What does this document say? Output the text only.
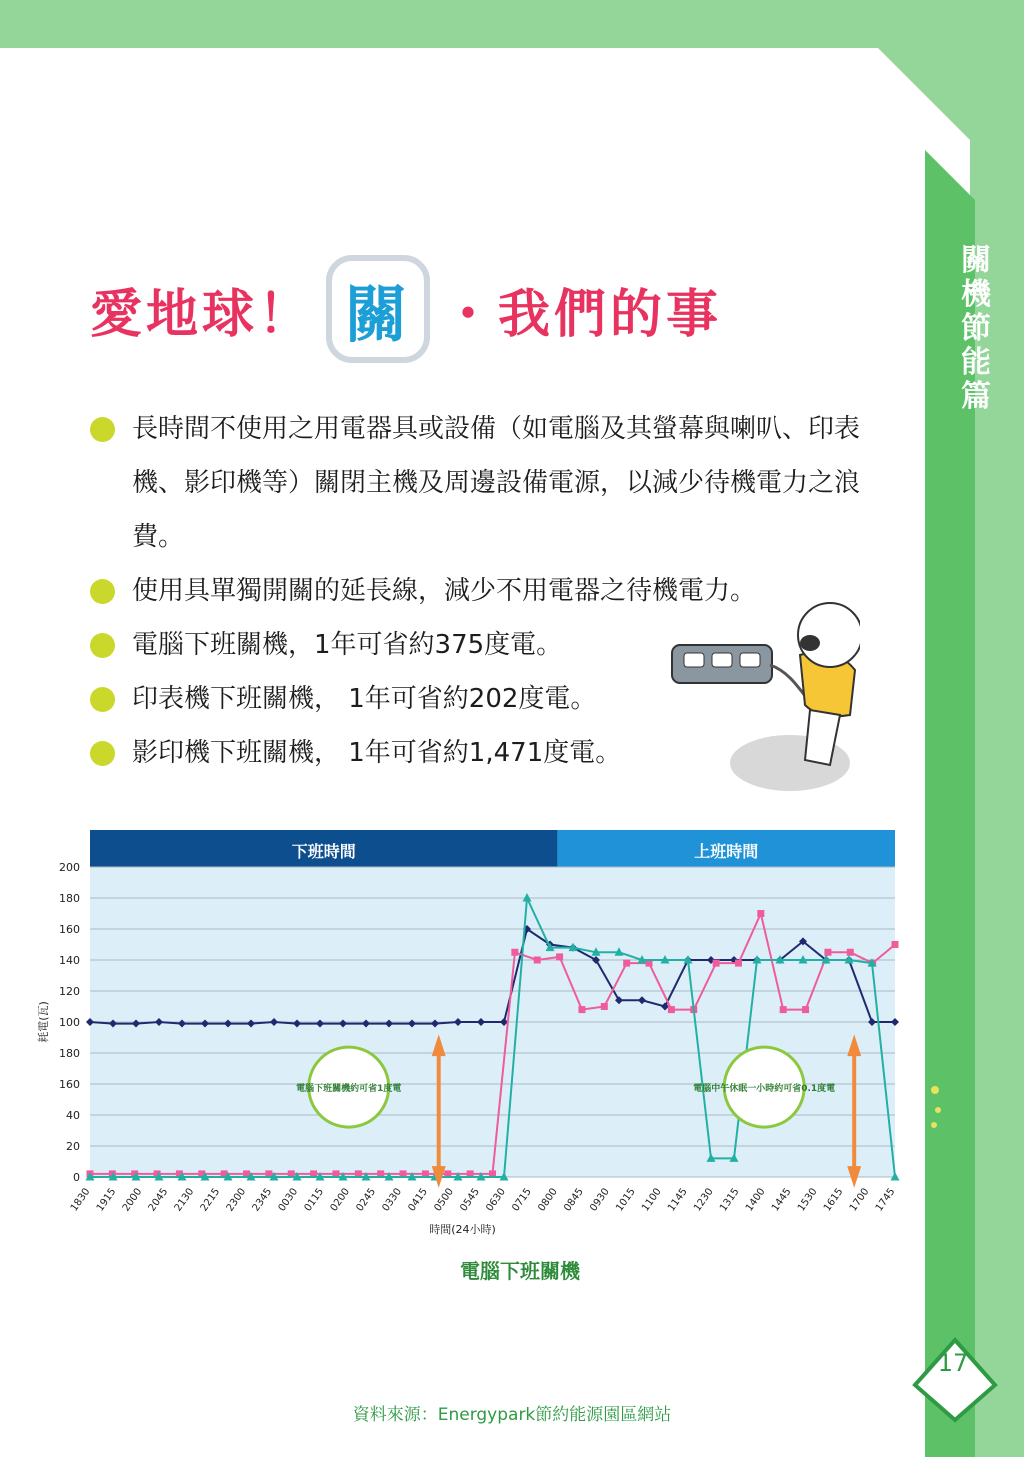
關機節能篇
愛地球！ 關 ・我們的事
長時間不使用之用電器具或設備（如電腦及其螢幕與喇叭、印表機、影印機等）關閉主機及周邊設備電源，以減少待機電力之浪費。
使用具單獨開關的延長線，減少不用電器之待機電力。
電腦下班關機，1年可省約375度電。
印表機下班關機， 1年可省約202度電。
影印機下班關機， 1年可省約1,471度電。
下班時間	上班時間
0
20
40
160
180
100
120
140
160
180
200
1830 1915 2000 2045 2130 2215 2300 2345 0030 0115 0200 0245 0330 0415 0500 0545 0630 0715 0800 0845 0930 1015 1100 1145 1230 1315 1400 1445 1530 1615 1700 1745
時間(24小時)
耗電(瓦)
電腦下班關機約可省1度電	電腦中午休眠一小時約可省0.1度電
電腦下班關機
資料來源：Energypark節約能源園區網站
17
